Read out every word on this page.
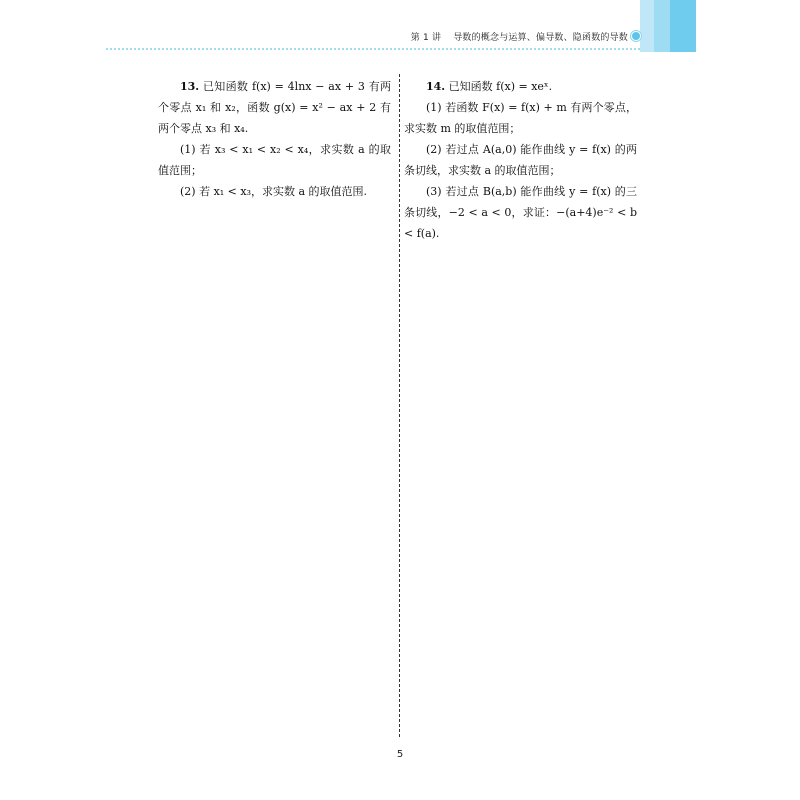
第 1 讲 导数的概念与运算、偏导数、隐函数的导数

13. 已知函数 f(x) = 4lnx − ax + 3 有两个零点 x₁ 和 x₂，函数 g(x) = x² − ax + 2 有两个零点 x₃ 和 x₄.

(1) 若 x₃ < x₁ < x₂ < x₄，求实数 a 的取值范围；

(2) 若 x₁ < x₃，求实数 a 的取值范围.

14. 已知函数 f(x) = xeˣ.

(1) 若函数 F(x) = f(x) + m 有两个零点，求实数 m 的取值范围；

(2) 若过点 A(a,0) 能作曲线 y = f(x) 的两条切线，求实数 a 的取值范围；

(3) 若过点 B(a,b) 能作曲线 y = f(x) 的三条切线，−2 < a < 0，求证：−(a+4)e⁻² < b < f(a).

5
